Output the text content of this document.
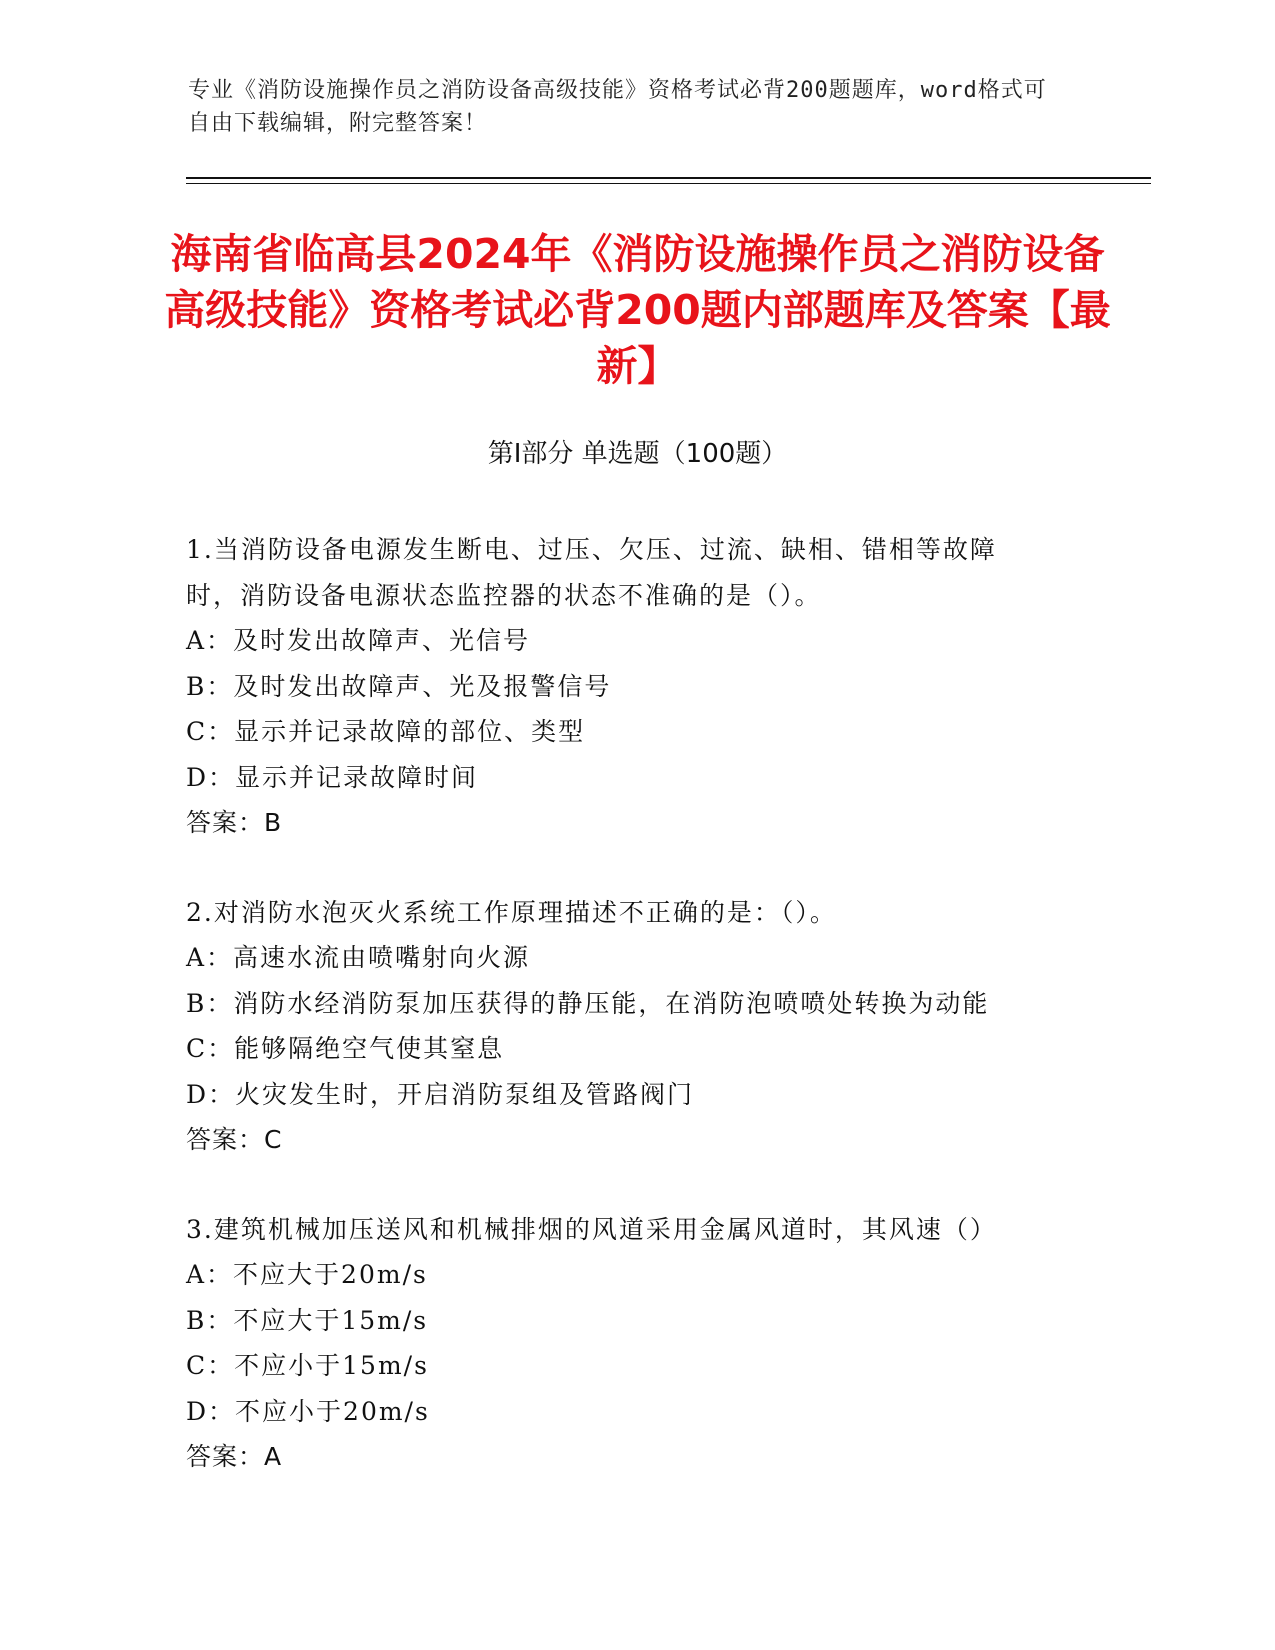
专业《消防设施操作员之消防设备高级技能》资格考试必背200题题库，word格式可自由下载编辑，附完整答案！
海南省临高县2024年《消防设施操作员之消防设备高级技能》资格考试必背200题内部题库及答案【最新】
第Ⅰ部分 单选题（100题）
1.当消防设备电源发生断电、过压、欠压、过流、缺相、错相等故障
时，消防设备电源状态监控器的状态不准确的是（）。
A：及时发出故障声、光信号
B：及时发出故障声、光及报警信号
C：显示并记录故障的部位、类型
D：显示并记录故障时间
答案：B
2.对消防水泡灭火系统工作原理描述不正确的是：（）。
A：高速水流由喷嘴射向火源
B：消防水经消防泵加压获得的静压能，在消防泡喷喷处转换为动能
C：能够隔绝空气使其窒息
D：火灾发生时，开启消防泵组及管路阀门
答案：C
3.建筑机械加压送风和机械排烟的风道采用金属风道时，其风速（）
A：不应大于20m/s
B：不应大于15m/s
C：不应小于15m/s
D：不应小于20m/s
答案：A
